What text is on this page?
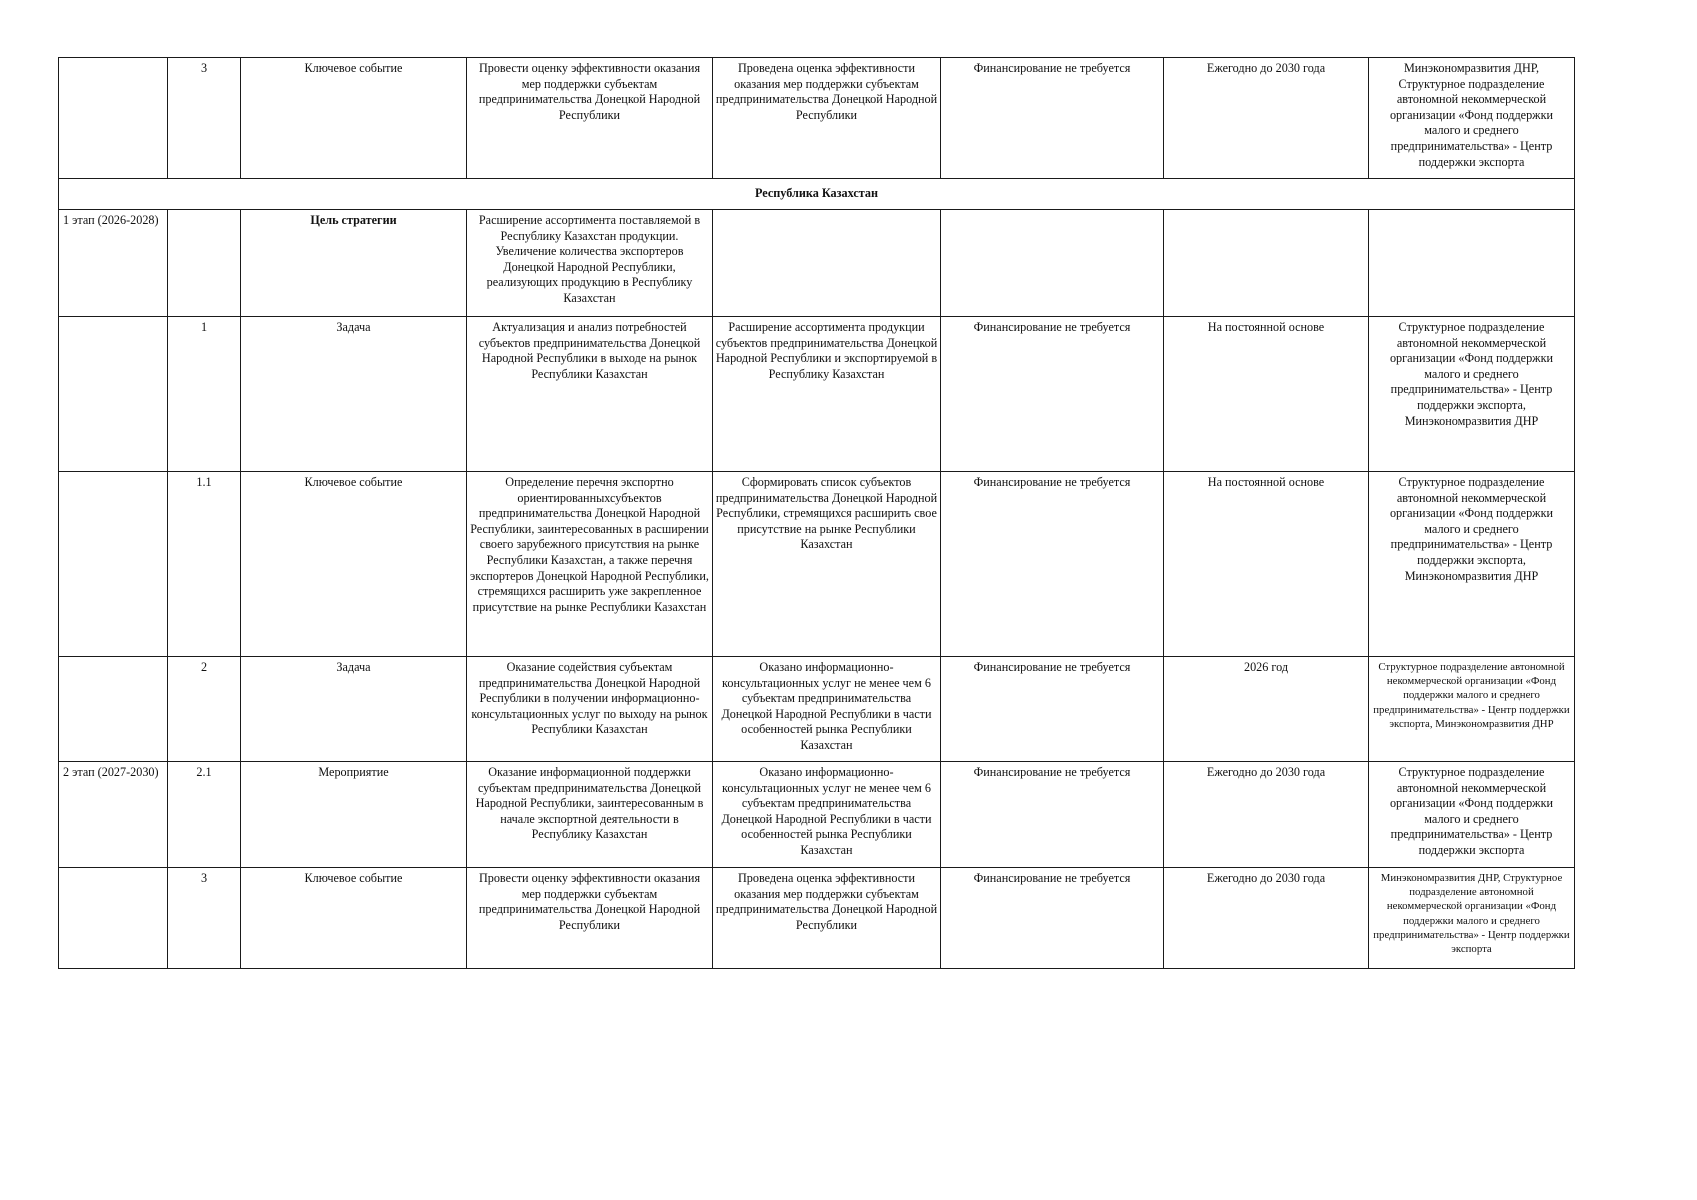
	3	Ключевое событие	Провести оценку эффективности оказания мер поддержки субъектам предпринимательства Донецкой Народной Республики	Проведена оценка эффективности оказания мер поддержки субъектам предпринимательства Донецкой Народной Республики	Финансирование не требуется	Ежегодно до 2030 года	Минэкономразвития ДНР, Структурное подразделение автономной некоммерческой организации «Фонд поддержки малого и среднего предпринимательства» - Центр поддержки экспорта
Республика Казахстан							
1 этап (2026-2028)		Цель стратегии	Расширение ассортимента поставляемой в Республику Казахстан продукции. Увеличение количества экспортеров Донецкой Народной Республики, реализующих продукцию в Республику Казахстан				
	1	Задача	Актуализация и анализ потребностей субъектов предпринимательства Донецкой Народной Республики в выходе на рынок Республики Казахстан	Расширение ассортимента продукции субъектов предпринимательства Донецкой Народной Республики и экспортируемой в Республику Казахстан	Финансирование не требуется	На постоянной основе	Структурное подразделение автономной некоммерческой организации «Фонд поддержки малого и среднего предпринимательства» - Центр поддержки экспорта, Минэкономразвития ДНР
	1.1	Ключевое событие	Определение перечня экспортно ориентированныхсубъектов предпринимательства Донецкой Народной Республики, заинтересованных в расширении своего зарубежного присутствия на рынке Республики Казахстан, а также перечня экспортеров Донецкой Народной Республики, стремящихся расширить уже закрепленное присутствие на рынке Республики Казахстан	Сформировать список субъектов предпринимательства Донецкой Народной Республики, стремящихся расширить свое присутствие на рынке Республики Казахстан	Финансирование не требуется	На постоянной основе	Структурное подразделение автономной некоммерческой организации «Фонд поддержки малого и среднего предпринимательства» - Центр поддержки экспорта, Минэкономразвития ДНР
	2	Задача	Оказание содействия субъектам предпринимательства Донецкой Народной Республики в получении информационно-консультационных услуг по выходу на рынок Республики Казахстан	Оказано информационно-консультационных услуг не менее чем 6 субъектам предпринимательства Донецкой Народной Республики в части особенностей рынка Республики Казахстан	Финансирование не требуется	2026 год	Структурное подразделение автономной некоммерческой организации «Фонд поддержки малого и среднего предпринимательства» - Центр поддержки экспорта, Минэкономразвития ДНР
2 этап (2027-2030)	2.1	Мероприятие	Оказание информационной поддержки субъектам предпринимательства Донецкой Народной Республики, заинтересованным в начале экспортной деятельности в Республику Казахстан	Оказано информационно-консультационных услуг не менее чем 6 субъектам предпринимательства Донецкой Народной Республики в части особенностей рынка Республики Казахстан	Финансирование не требуется	Ежегодно до 2030 года	Структурное подразделение автономной некоммерческой организации «Фонд поддержки малого и среднего предпринимательства» - Центр поддержки экспорта
	3	Ключевое событие	Провести оценку эффективности оказания мер поддержки субъектам предпринимательства Донецкой Народной Республики	Проведена оценка эффективности оказания мер поддержки субъектам предпринимательства Донецкой Народной Республики	Финансирование не требуется	Ежегодно до 2030 года	Минэкономразвития ДНР, Структурное подразделение автономной некоммерческой организации «Фонд поддержки малого и среднего предпринимательства» - Центр поддержки экспорта
